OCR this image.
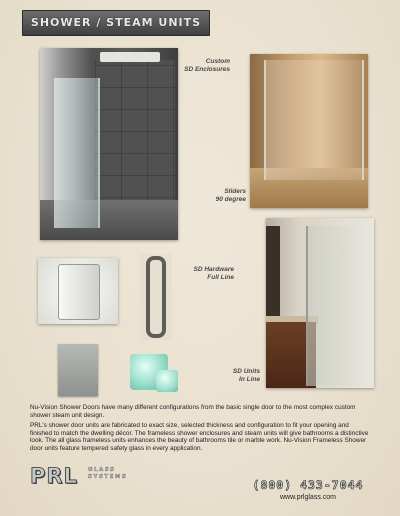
SHOWER / STEAM UNITS
Custom
SD Enclosures
Sliders
90 degree
SD Hardware
Full Line
SD Units
In Line
Nu-Vision Shower Doors have many different configurations from the basic single door to the most complex custom shower steam unit design.
PRL's shower door units are fabricated to exact size, selected thickness and configuration to fit your opening and finished to match the dwelling décor. The frameless shower enclosures and steam units will give bathrooms a distinctive look. The all glass frameless units enhances the beauty of bathrooms tile or marble work. Nu-Vision Frameless Shower door units feature tempered safety glass in every application.
PRL GLASS
SYSTEMS
(800) 433-7044
www.prlglass.com
